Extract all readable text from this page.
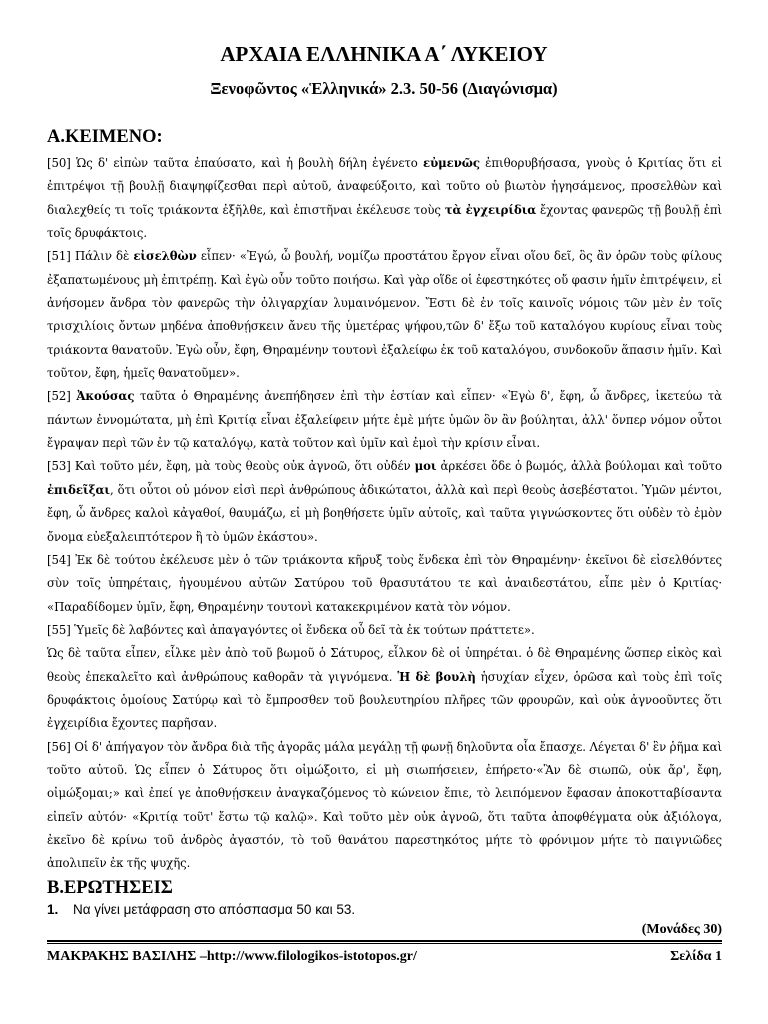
ΑΡΧΑΙΑ ΕΛΛΗΝΙΚΑ Α΄ ΛΥΚΕΙΟΥ
Ξενοφῶντος «Ἑλληνικά» 2.3. 50-56 (Διαγώνισμα)
Α.ΚΕΙΜΕΝΟ:

[50] Ὡς δ' εἰπὼν ταῦτα ἐπαύσατο, καὶ ἡ βουλὴ δήλη ἐγένετο εὐμενῶς ἐπιθορυβήσασα, γνοὺς ὁ Κριτίας ὅτι εἰ ἐπιτρέψοι τῇ βουλῇ διαψηφίζεσθαι περὶ αὐτοῦ, ἀναφεύξοιτο, καὶ τοῦτο οὐ βιωτὸν ἡγησάμενος, προσελθὼν καὶ διαλεχθείς τι τοῖς τριάκοντα ἐξῆλθε, καὶ ἐπιστῆναι ἐκέλευσε τοὺς τὰ ἐγχειρίδια ἔχοντας φανερῶς τῇ βουλῇ ἐπὶ τοῖς δρυφάκτοις.

[51] Πάλιν δὲ εἰσελθὼν εἶπεν· «Ἐγώ, ὦ βουλή, νομίζω προστάτου ἔργον εἶναι οἵου δεῖ, ὃς ἂν ὁρῶν τοὺς φίλους ἐξαπατωμένους μὴ ἐπιτρέπῃ. Καὶ ἐγὼ οὖν τοῦτο ποιήσω. Καὶ γὰρ οἵδε οἱ ἐφεστηκότες οὔ φασιν ἡμῖν ἐπιτρέψειν, εἰ ἀνήσομεν ἄνδρα τὸν φανερῶς τὴν ὀλιγαρχίαν λυμαινόμενον. Ἔστι δὲ ἐν τοῖς καινοῖς νόμοις τῶν μὲν ἐν τοῖς τρισχιλίοις ὄντων μηδένα ἀποθνῄσκειν ἄνευ τῆς ὑμετέρας ψήφου,τῶν δ' ἔξω τοῦ καταλόγου κυρίους εἶναι τοὺς τριάκοντα θανατοῦν. Ἐγὼ οὖν, ἔφη, Θηραμένην τουτονὶ ἐξαλείφω ἐκ τοῦ καταλόγου, συνδοκοῦν ἅπασιν ἡμῖν. Καὶ τοῦτον, ἔφη, ἡμεῖς θανατοῦμεν».

[52] Ἀκούσας ταῦτα ὁ Θηραμένης ἀνεπήδησεν ἐπὶ τὴν ἑστίαν καὶ εἶπεν· «Ἐγὼ δ', ἔφη, ὦ ἄνδρες, ἱκετεύω τὰ πάντων ἐννομώτατα, μὴ ἐπὶ Κριτίᾳ εἶναι ἐξαλείφειν μήτε ἐμὲ μήτε ὑμῶν ὃν ἂν βούληται, ἀλλ' ὅνπερ νόμον οὗτοι ἔγραψαν περὶ τῶν ἐν τῷ καταλόγῳ, κατὰ τοῦτον καὶ ὑμῖν καὶ ἐμοὶ τὴν κρίσιν εἶναι.

[53] Καὶ τοῦτο μέν, ἔφη, μὰ τοὺς θεοὺς οὐκ ἀγνοῶ, ὅτι οὐδέν μοι ἀρκέσει ὅδε ὁ βωμός, ἀλλὰ βούλομαι καὶ τοῦτο ἐπιδεῖξαι, ὅτι οὗτοι οὐ μόνον εἰσὶ περὶ ἀνθρώπους ἀδικώτατοι, ἀλλὰ καὶ περὶ θεοὺς ἀσεβέστατοι. Ὑμῶν μέντοι, ἔφη, ὦ ἄνδρες καλοὶ κἀγαθοί, θαυμάζω, εἰ μὴ βοηθήσετε ὑμῖν αὐτοῖς, καὶ ταῦτα γιγνώσκοντες ὅτι οὐδὲν τὸ ἐμὸν ὄνομα εὐεξαλειπτότερον ἢ τὸ ὑμῶν ἑκάστου».

[54] Ἐκ δὲ τούτου ἐκέλευσε μὲν ὁ τῶν τριάκοντα κῆρυξ τοὺς ἕνδεκα ἐπὶ τὸν Θηραμένην· ἐκεῖνοι δὲ εἰσελθόντες σὺν τοῖς ὑπηρέταις, ἡγουμένου αὐτῶν Σατύρου τοῦ θρασυτάτου τε καὶ ἀναιδεστάτου, εἶπε μὲν ὁ Κριτίας· «Παραδίδομεν ὑμῖν, ἔφη, Θηραμένην τουτονὶ κατακεκριμένον κατὰ τὸν νόμον.

[55] Ὑμεῖς δὲ λαβόντες καὶ ἀπαγαγόντες οἱ ἕνδεκα οὗ δεῖ τὰ ἐκ τούτων πράττετε».

Ὡς δὲ ταῦτα εἶπεν, εἷλκε μὲν ἀπὸ τοῦ βωμοῦ ὁ Σάτυρος, εἷλκον δὲ οἱ ὑπηρέται. ὁ δὲ Θηραμένης ὥσπερ εἰκὸς καὶ θεοὺς ἐπεκαλεῖτο καὶ ἀνθρώπους καθορᾶν τὰ γιγνόμενα. Ἡ δὲ βουλὴ ἡσυχίαν εἶχεν, ὁρῶσα καὶ τοὺς ἐπὶ τοῖς δρυφάκτοις ὁμοίους Σατύρῳ καὶ τὸ ἔμπροσθεν τοῦ βουλευτηρίου πλῆρες τῶν φρουρῶν, καὶ οὐκ ἀγνοοῦντες ὅτι ἐγχειρίδια ἔχοντες παρῆσαν.

[56] Οἱ δ' ἀπήγαγον τὸν ἄνδρα διὰ τῆς ἀγορᾶς μάλα μεγάλῃ τῇ φωνῇ δηλοῦντα οἷα ἔπασχε. Λέγεται δ' ἓν ῥῆμα καὶ τοῦτο αὐτοῦ. Ὡς εἶπεν ὁ Σάτυρος ὅτι οἰμώξοιτο, εἰ μὴ σιωπήσειεν, ἐπήρετο·«Ἂν δὲ σιωπῶ, οὐκ ἄρ', ἔφη, οἰμώξομαι;» καὶ ἐπεί γε ἀποθνῄσκειν ἀναγκαζόμενος τὸ κώνειον ἔπιε, τὸ λειπόμενον ἔφασαν ἀποκοτταβίσαντα εἰπεῖν αὐτόν· «Κριτίᾳ τοῦτ' ἔστω τῷ καλῷ». Καὶ τοῦτο μὲν οὐκ ἀγνοῶ, ὅτι ταῦτα ἀποφθέγματα οὐκ ἀξιόλογα, ἐκεῖνο δὲ κρίνω τοῦ ἀνδρὸς ἀγαστόν, τὸ τοῦ θανάτου παρεστηκότος μήτε τὸ φρόνιμον μήτε τὸ παιγνιῶδες ἀπολιπεῖν ἐκ τῆς ψυχῆς.

Β.ΕΡΩΤΗΣΕΙΣ
1. Να γίνει μετάφραση στο απόσπασμα 50 και 53.
(Μονάδες 30)
ΜΑΚΡΑΚΗΣ ΒΑΣΙΛΗΣ –http://www.filologikos-istotopos.gr/	Σελίδα 1
